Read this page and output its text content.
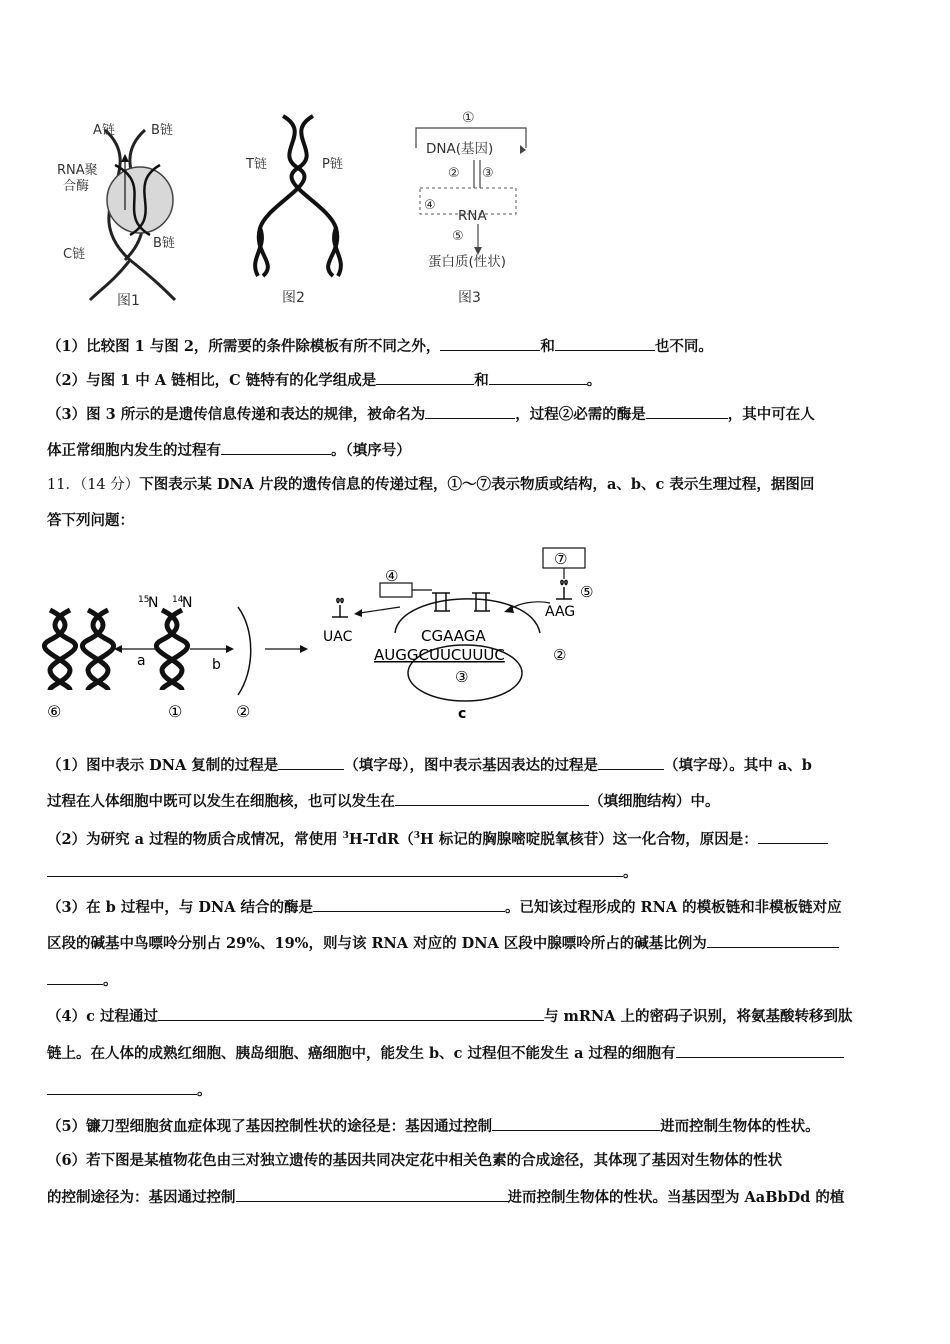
A链	B链
RNA聚
合酶
C链
B链
图1
T链	P链
图2
①
DNA(基因)
② ③
④
RNA
⑤
蛋白质(性状)
图3
（1）比较图 1 与图 2，所需要的条件除模板有所不同之外，	和	也不同。
（2）与图 1 中 A 链相比，C 链特有的化学组成是	和	。
（3）图 3 所示的是遗传信息传递和表达的规律，被命名为	，过程②必需的酶是	，其中可在人
体正常细胞内发生的过程有	。（填序号）
11．（14 分）下图表示某 DNA 片段的遗传信息的传递过程，①～⑦表示物质或结构，a、b、c 表示生理过程，据图回
答下列问题：
15
N 14
N
a	b
⑥	①	②
④
UAC
⑦
⑤
AAG
CGAAGA
AUGGCUUCUUUC	②
③
c
（1）图中表示 DNA 复制的过程是	（填字母），图中表示基因表达的过程是	（填字母）。其中 a、b
过程在人体细胞中既可以发生在细胞核，也可以发生在	（填细胞结构）中。
（2）为研究 a 过程的物质合成情况，常使用 $^3$H-TdR（$^3$H 标记的胸腺嘧啶脱氧核苷）这一化合物，原因是：
。
（3）在 b 过程中，与 DNA 结合的酶是	。已知该过程形成的 RNA 的模板链和非模板链对应
区段的碱基中鸟嘌呤分别占 29%、19%，则与该 RNA 对应的 DNA 区段中腺嘌呤所占的碱基比例为
。
（4）c 过程通过	与 mRNA 上的密码子识别，将氨基酸转移到肽
链上。在人体的成熟红细胞、胰岛细胞、癌细胞中，能发生 b、c 过程但不能发生 a 过程的细胞有
。
（5）镰刀型细胞贫血症体现了基因控制性状的途径是：基因通过控制	进而控制生物体的性状。
（6）若下图是某植物花色由三对独立遗传的基因共同决定花中相关色素的合成途径，其体现了基因对生物体的性状
的控制途径为：基因通过控制	进而控制生物体的性状。当基因型为 AaBbDd 的植
